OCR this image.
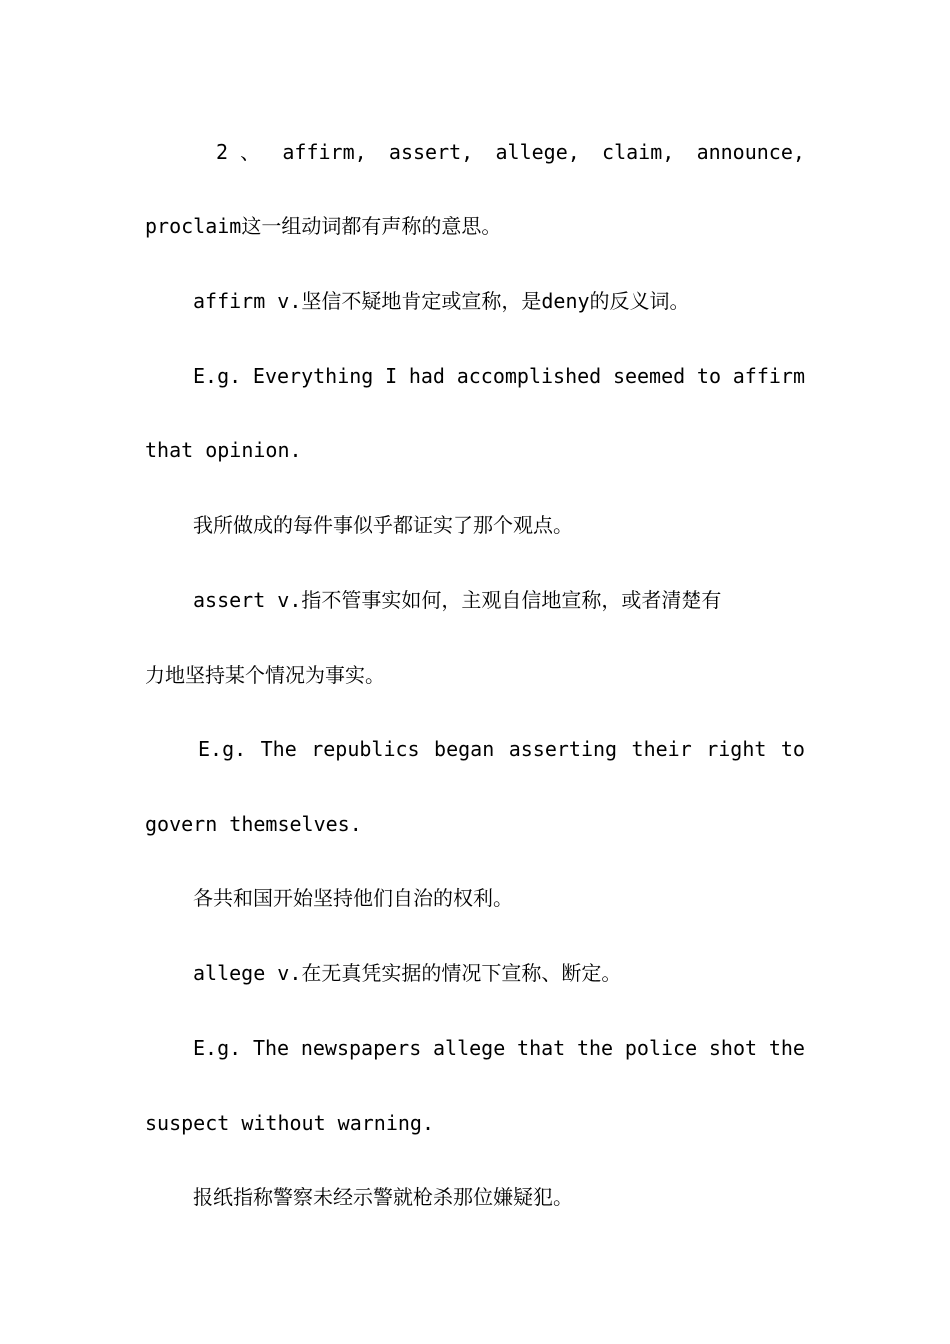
2 、 affirm, assert, allege, claim, announce,
proclaim这一组动词都有声称的意思。
affirm v.坚信不疑地肯定或宣称，是deny的反义词。
E.g. Everything I had accomplished seemed to affirm
that opinion.
我所做成的每件事似乎都证实了那个观点。
assert v.指不管事实如何，主观自信地宣称，或者清楚有
力地坚持某个情况为事实。
E.g. The republics began asserting their right to
govern themselves.
各共和国开始坚持他们自治的权利。
allege v.在无真凭实据的情况下宣称、断定。
E.g. The newspapers allege that the police shot the
suspect without warning.
报纸指称警察未经示警就枪杀那位嫌疑犯。
